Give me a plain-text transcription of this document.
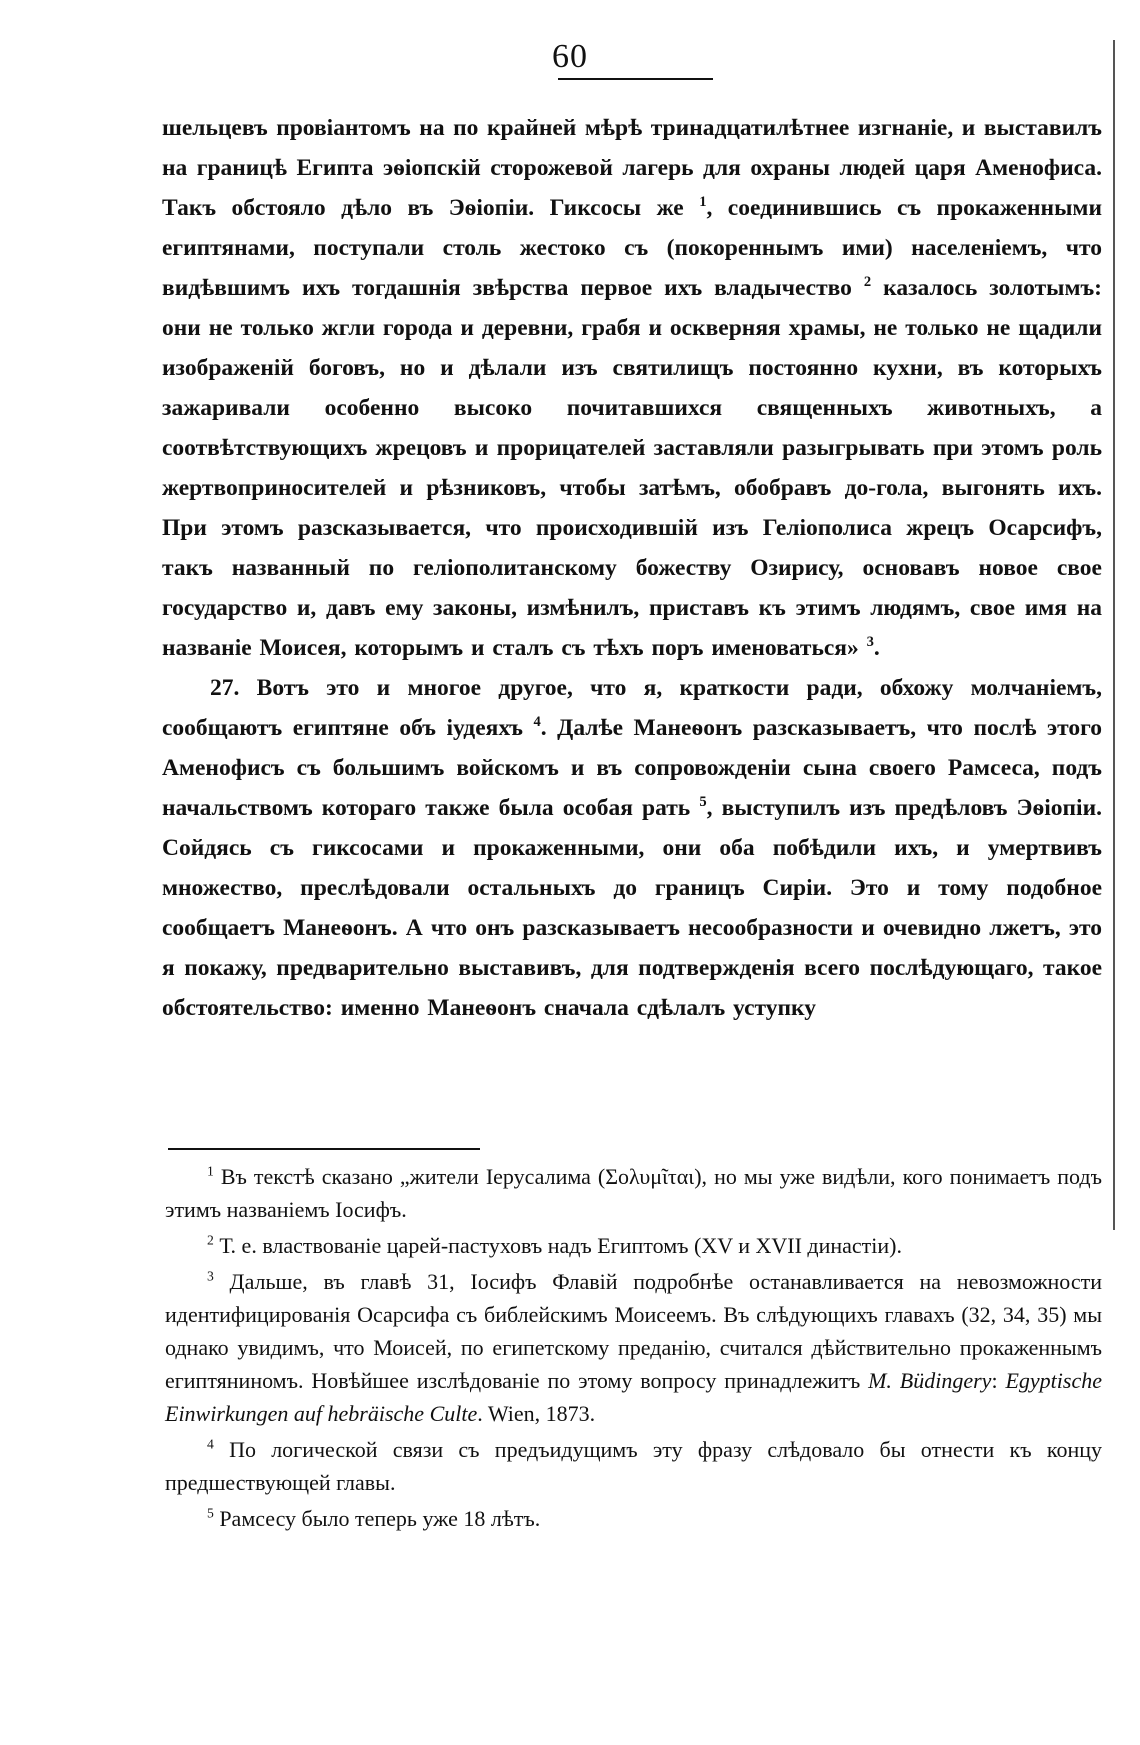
60

шельцевъ провіантомъ на по крайней мѣрѣ тринадцатилѣтнее изгнаніе, и выставилъ на границѣ Египта эѳіопскій сторожевой лагерь для охраны людей царя Аменофиса. Такъ обстояло дѣло въ Эѳіопіи. Гиксосы же $^1$, соединившись съ прокаженными египтянами, поступали столь жестоко съ (покореннымъ ими) населеніемъ, что видѣвшимъ ихъ тогдашнія звѣрства первое ихъ владычество $^2$ казалось золотымъ: они не только жгли города и деревни, грабя и оскверняя храмы, не только не щадили изображеній боговъ, но и дѣлали изъ святилищъ постоянно кухни, въ которыхъ зажаривали особенно высоко почитавшихся священныхъ животныхъ, а соотвѣтствующихъ жрецовъ и прорицателей заставляли разыгрывать при этомъ роль жертвоприносителей и рѣзниковъ, чтобы затѣмъ, обобравъ до-гола, выгонять ихъ. При этомъ разсказывается, что происходившій изъ Геліополиса жрецъ Осарсифъ, такъ названный по геліополитанскому божеству Озирису, основавъ новое свое государство и, давъ ему законы, измѣнилъ, приставъ къ этимъ людямъ, свое имя на названіе Моисея, которымъ и сталъ съ тѣхъ поръ именоваться» $^3$.

27. Вотъ это и многое другое, что я, краткости ради, обхожу молчаніемъ, сообщаютъ египтяне объ іудеяхъ $^4$. Далѣе Манеѳонъ разсказываетъ, что послѣ этого Аменофисъ съ большимъ войскомъ и въ сопровожденіи сына своего Рамсеса, подъ начальствомъ котораго также была особая рать $^5$, выступилъ изъ предѣловъ Эѳіопіи. Сойдясь съ гиксосами и прокаженными, они оба побѣдили ихъ, и умертвивъ множество, преслѣдовали остальныхъ до границъ Сиріи. Это и тому подобное сообщаетъ Манеѳонъ. А что онъ разсказываетъ несообразности и очевидно лжетъ, это я покажу, предварительно выставивъ, для подтвержденія всего послѣдующаго, такое обстоятельство: именно Манеѳонъ сначала сдѣлалъ уступку

$^1$ Въ текстѣ сказано „жители Іерусалима (Σολυμῖται), но мы уже видѣли, кого понимаетъ подъ этимъ названіемъ Іосифъ.

$^2$ Т. е. властвованіе царей-пастуховъ надъ Египтомъ (XV и XVII династіи).

$^3$ Дальше, въ главѣ 31, Іосифъ Флавій подробнѣе останавливается на невозможности идентифицированія Осарсифа съ библейскимъ Моисеемъ. Въ слѣдующихъ главахъ (32, 34, 35) мы однако увидимъ, что Моисей, по египетскому преданію, считался дѣйствительно прокаженнымъ египтяниномъ. Новѣйшее изслѣдованіе по этому вопросу принадлежитъ M. Büdingery: Egyptische Einwirkungen auf hebräische Culte. Wien, 1873.

$^4$ По логической связи съ предъидущимъ эту фразу слѣдовало бы отнести къ концу предшествующей главы.

$^5$ Рамсесу было теперь уже 18 лѣтъ.
